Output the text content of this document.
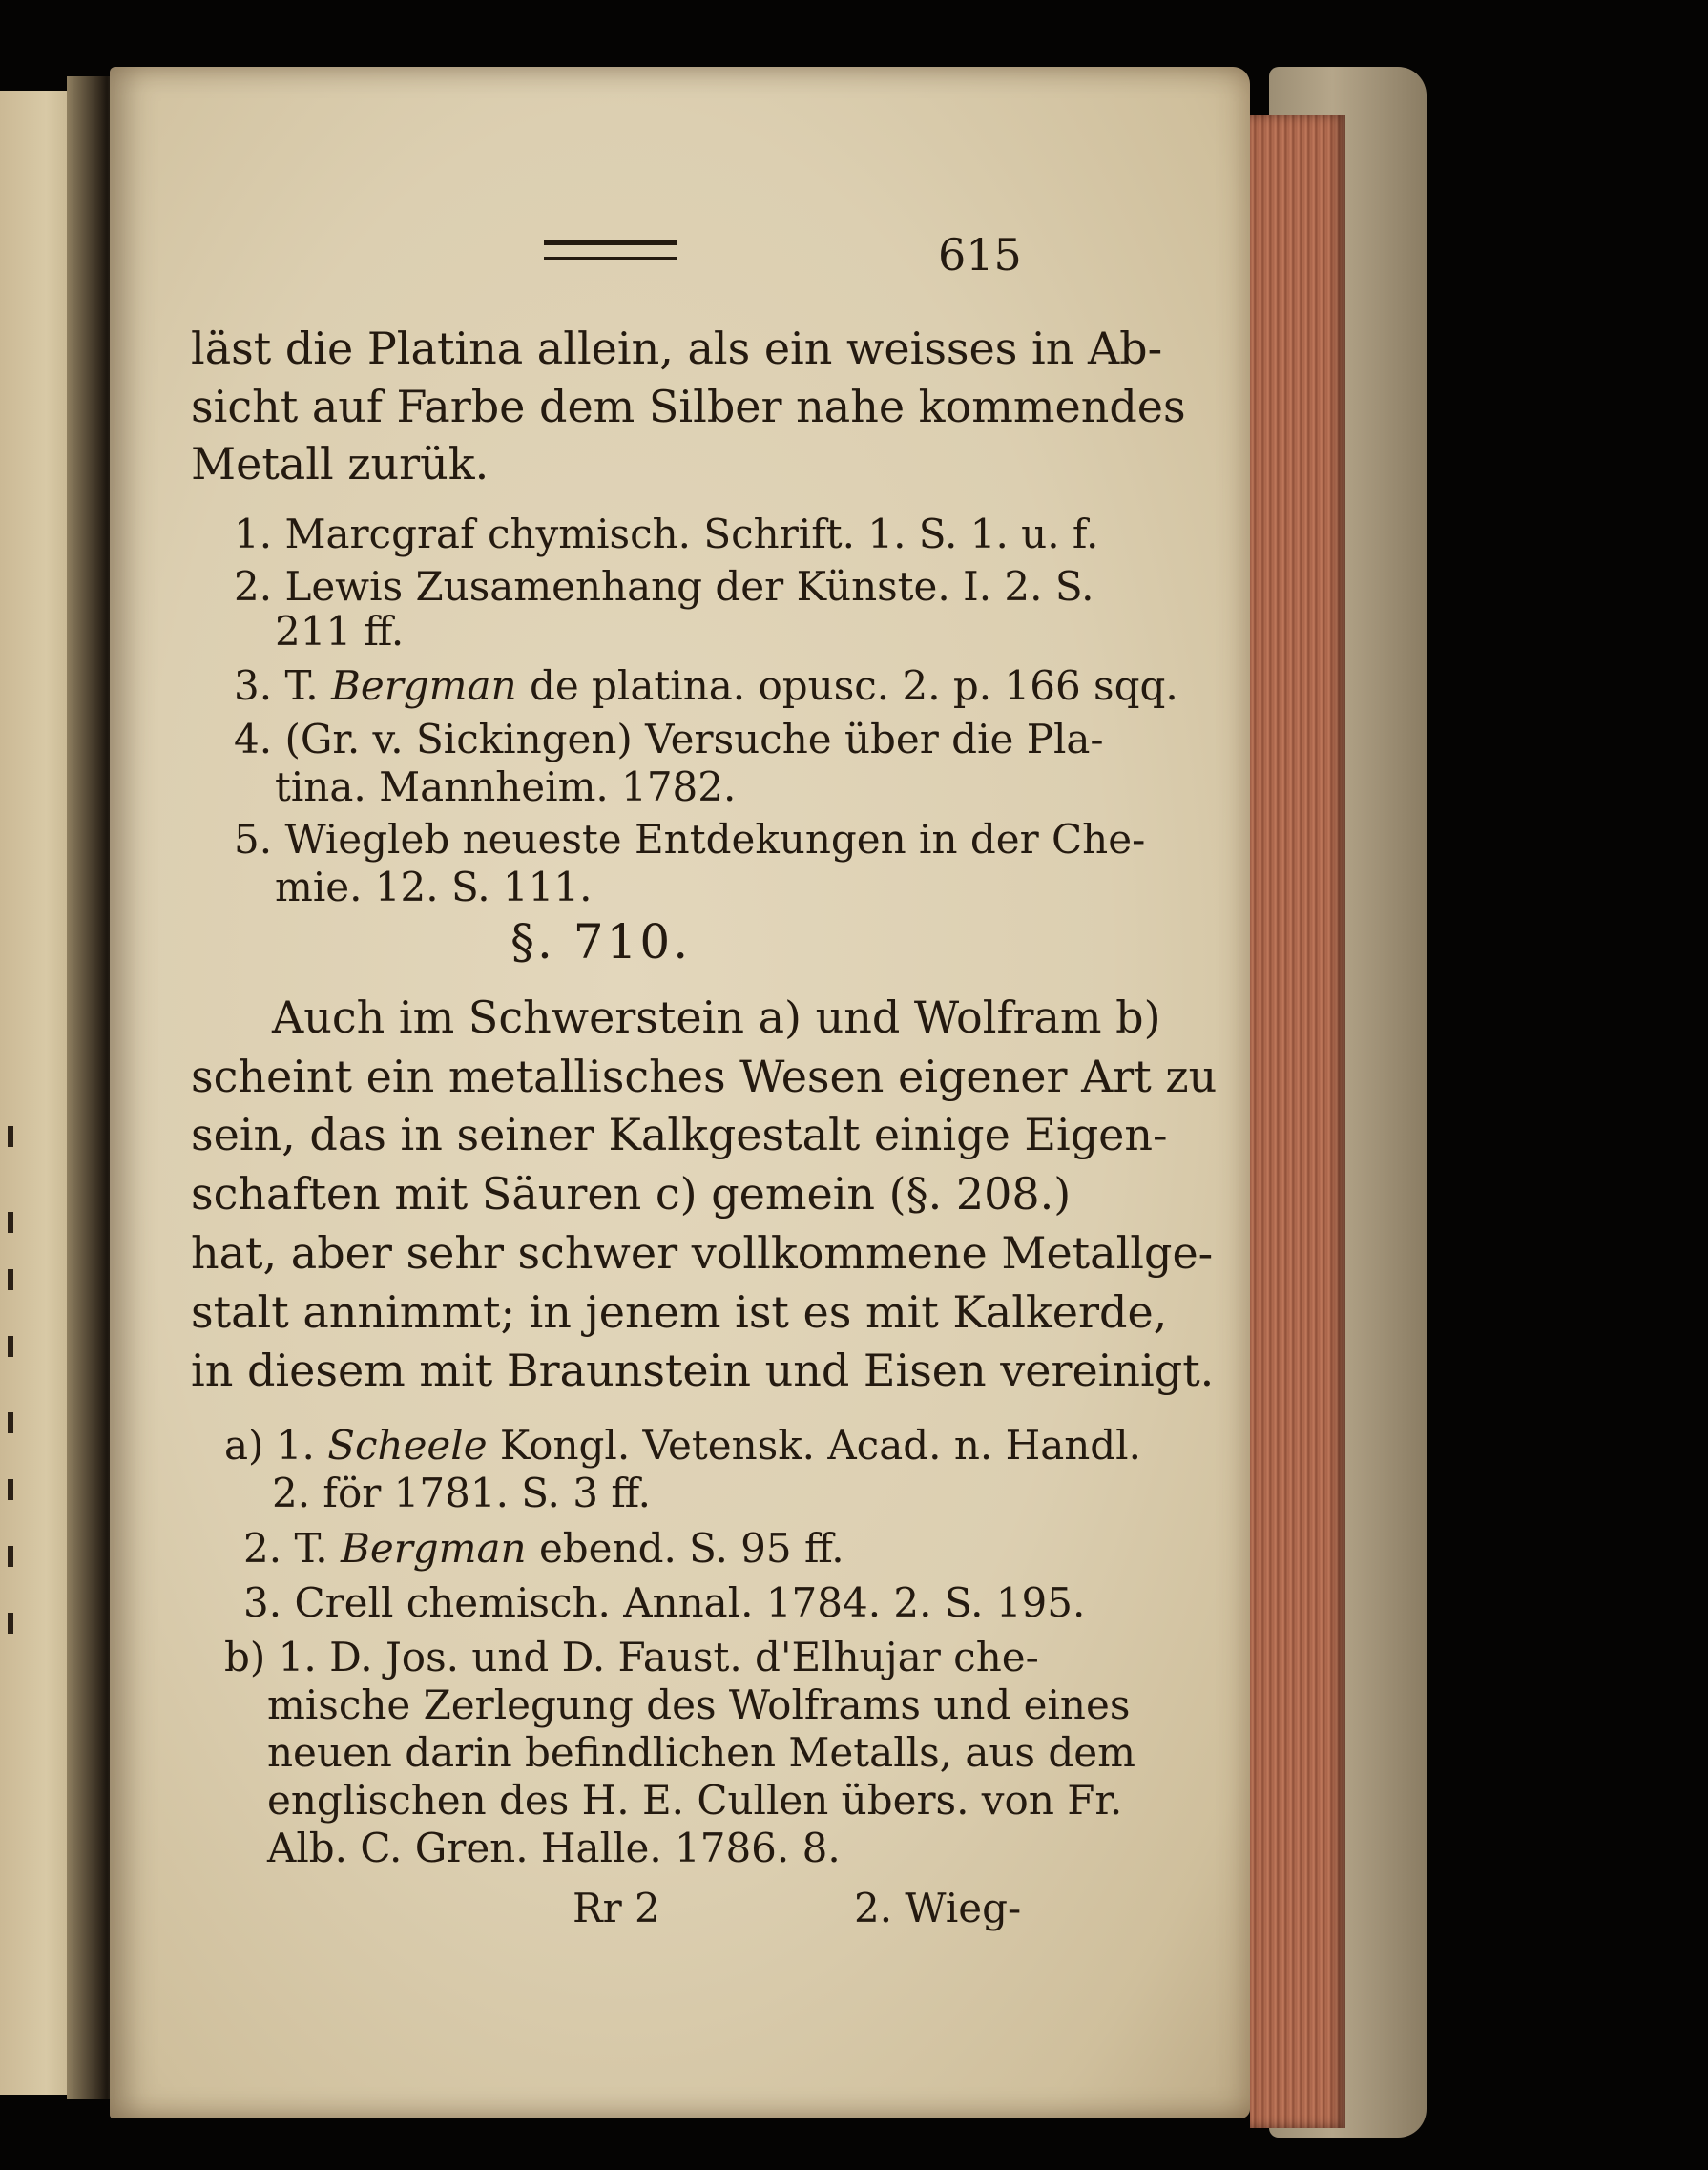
615
läst die Platina allein, als ein weisses in Ab-
sicht auf Farbe dem Silber nahe kommendes
Metall zurük.
1. Marcgraf chymisch. Schrift. 1. S. 1. u. f.
2. Lewis Zusamenhang der Künste. I. 2. S.
211 ff.
3. T. Bergman de platina. opusc. 2. p. 166 sqq.
4. (Gr. v. Sickingen) Versuche über die Pla-
tina. Mannheim. 1782.
5. Wiegleb neueste Entdekungen in der Che-
mie. 12. S. 111.
§. 710.
Auch im Schwerstein a) und Wolfram b)
scheint ein metallisches Wesen eigener Art zu
sein, das in seiner Kalkgestalt einige Eigen-
schaften mit Säuren c) gemein (§. 208.)
hat, aber sehr schwer vollkommene Metallge-
stalt annimmt; in jenem ist es mit Kalkerde,
in diesem mit Braunstein und Eisen vereinigt.
a) 1. Scheele Kongl. Vetensk. Acad. n. Handl.
2. för 1781. S. 3 ff.
2. T. Bergman ebend. S. 95 ff.
3. Crell chemisch. Annal. 1784. 2. S. 195.
b) 1. D. Jos. und D. Faust. d'Elhujar che-
mische Zerlegung des Wolframs und eines
neuen darin befindlichen Metalls, aus dem
englischen des H. E. Cullen übers. von Fr.
Alb. C. Gren. Halle. 1786. 8.
Rr 2	2. Wieg-
